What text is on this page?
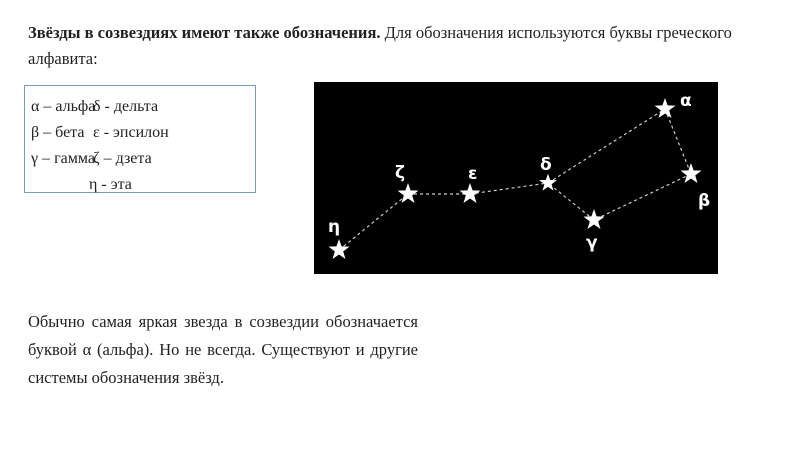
Звёзды в созвездиях имеют также обозначения. Для обозначения используются буквы греческого алфавита:
α – альфа
δ - дельта
β – бета ε - эпсилон
γ – гамма
ζ – дзета
η - эта
α
β
γ
δ
ε
ζ
η
Обычно самая яркая звезда в созвездии обозначается буквой α (альфа). Но не всегда. Существуют и другие системы обозначения звёзд.
